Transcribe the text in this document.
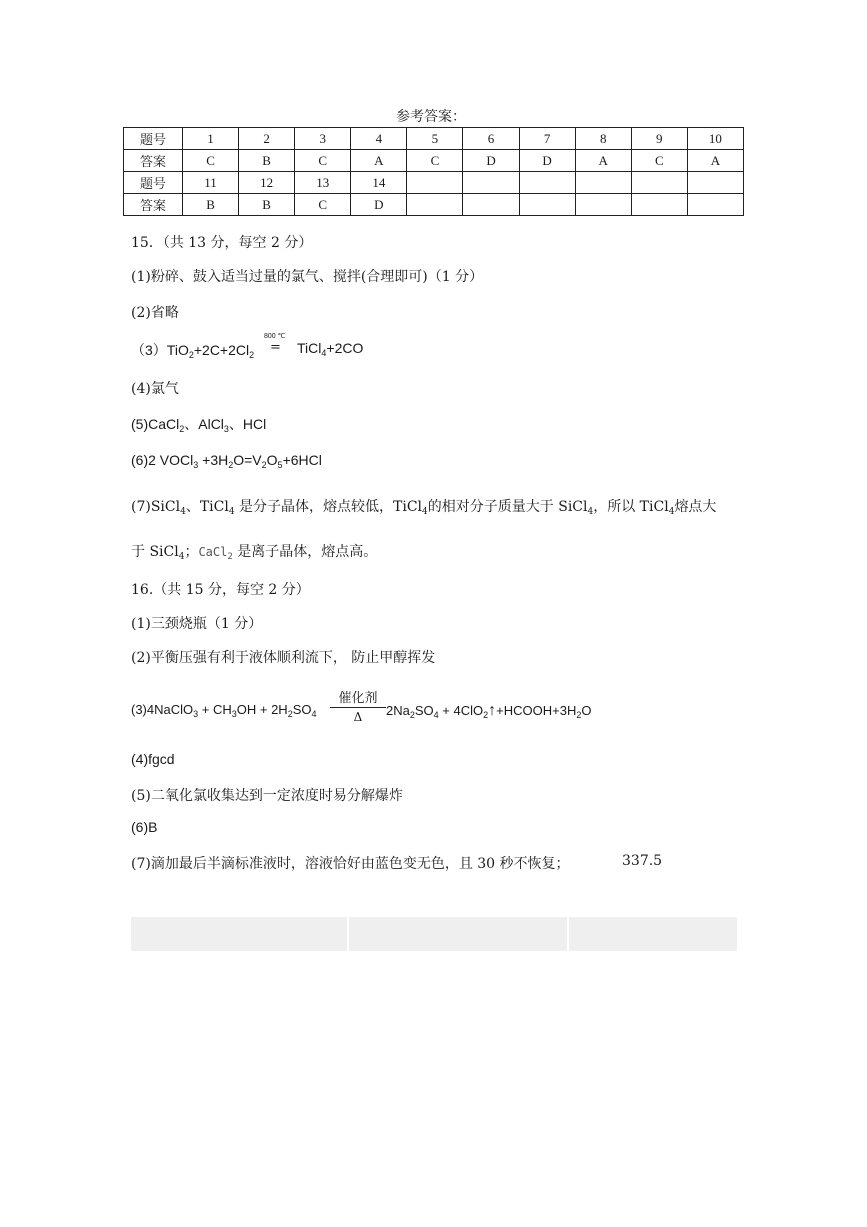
参考答案：
题号	1	2	3	4	5	6	7	8	9	10
答案	C	B	C	A	C	D	D	A	C	A
题号	11	12	13	14						
答案	B	B	C	D						
15．（共 13 分，每空 2 分）
(1)粉碎、鼓入适当过量的氯气、搅拌(合理即可)（1 分）
(2)省略
$(3)TiO_2+2C+2Cl_2$
800 ℃
= TiCl$_4$+2CO
(4)氯气
(5)CaCl$_2$、AlCl$_3$、HCl
(6)2 VOCl$_3$ $+3H_2O=V_2O_5+6HCl$
(7)SiCl$_4$、TiCl$_4$ 是分子晶体，熔点较低，TiCl$_4$的相对分子质量大于 SiCl$_4$，所以 TiCl$_4$熔点大
于 SiCl$_4$；CaCl$_2$ 是离子晶体，熔点高。
16.（共 15 分，每空 2 分）
(1)三颈烧瓶（1 分）
(2)平衡压强有利于液体顺利流下， 防止甲醇挥发
(3)4NaClO$_3$ + $CH_3OH + 2H_2SO_4$
催化剂
Δ	$2Na_2SO_4$ + $4ClO_2↑+HCOOH+3H_2O$
(4)fgcd
(5)二氧化氯收集达到一定浓度时易分解爆炸
(6)B
(7)滴加最后半滴标准液时，溶液恰好由蓝色变无色，且 30 秒不恢复；	337.5
